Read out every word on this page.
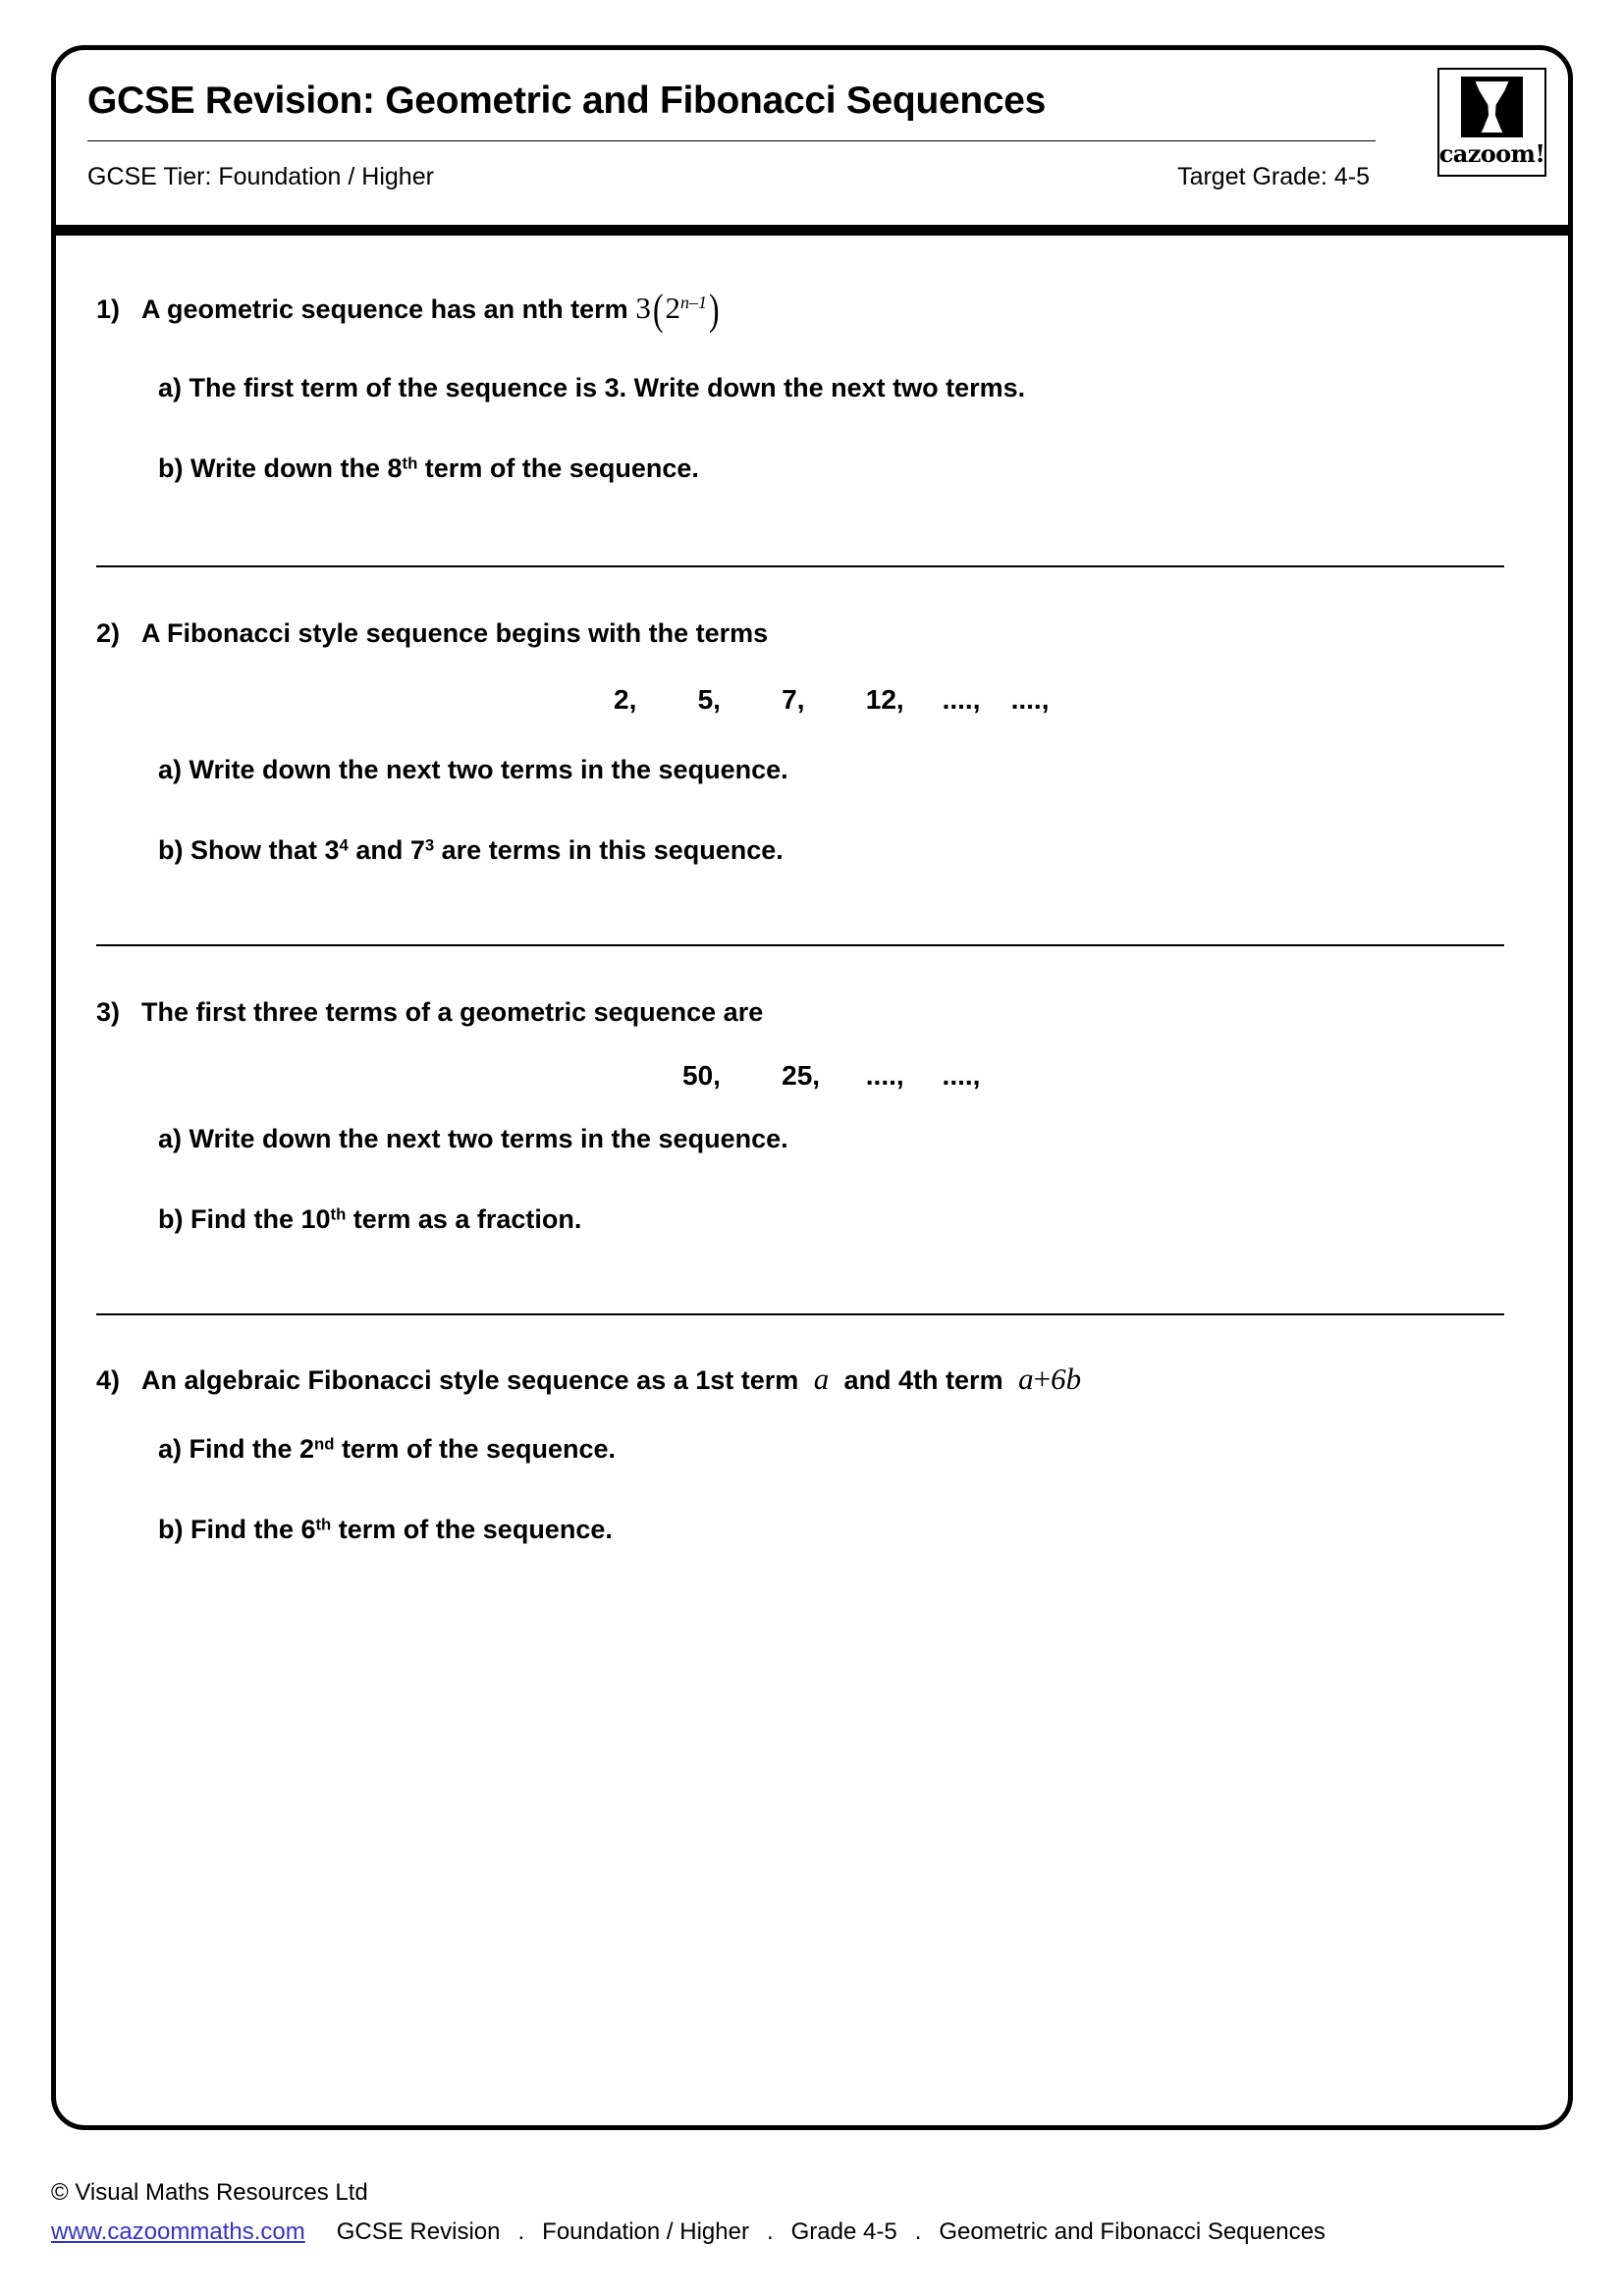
GCSE Revision: Geometric and Fibonacci Sequences
GCSE Tier: Foundation / Higher	Target Grade: 4-5
cazoom!
1) A geometric sequence has an nth term 3(2$^{n-1}$)
a) The first term of the sequence is 3. Write down the next two terms.
b) Write down the 8th term of the sequence.
2) A Fibonacci style sequence begins with the terms
2,        5,        7,        12,     ....,    ....,
a) Write down the next two terms in the sequence.
b) Show that $3^4$ and $7^3$ are terms in this sequence.
3) The first three terms of a geometric sequence are
50,        25,      ....,     ....,
a) Write down the next two terms in the sequence.
b) Find the 10th term as a fraction.
4) An algebraic Fibonacci style sequence as a 1st term a and 4th term a+6b
a) Find the 2nd term of the sequence.
b) Find the 6th term of the sequence.
© Visual Maths Resources Ltd
www.cazoommaths.com GCSE Revision . Foundation / Higher . Grade 4-5 . Geometric and Fibonacci Sequences
